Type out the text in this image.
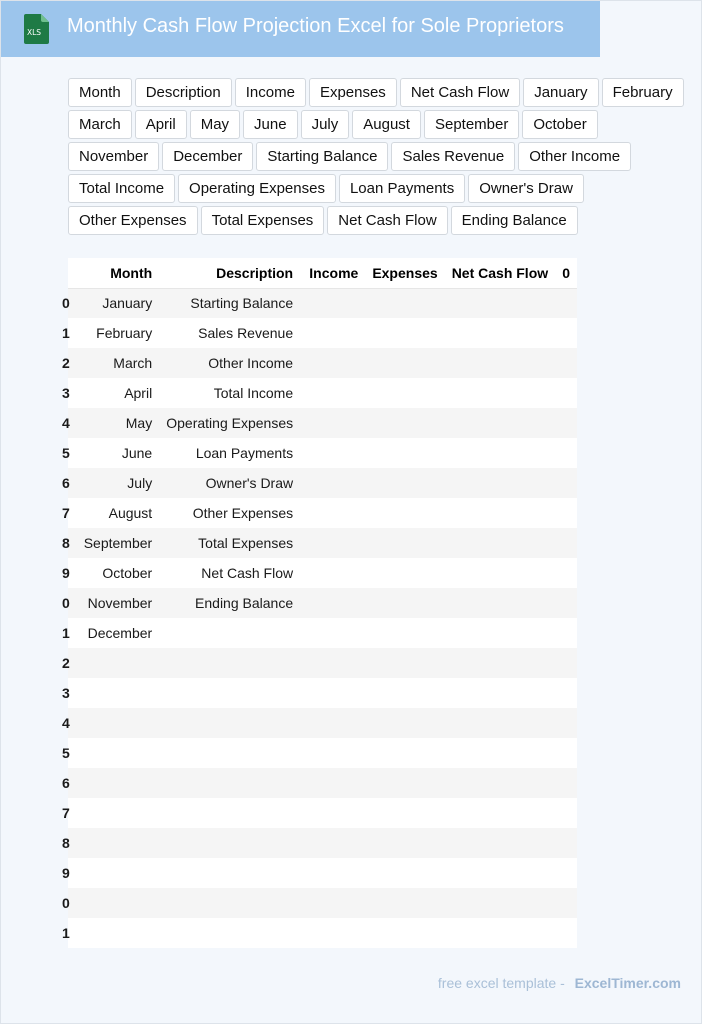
XLS Monthly Cash Flow Projection Excel for Sole Proprietors
Month	Description	Income	Expenses	Net Cash Flow	January	February
March	April	May	June	July	August	September	October
November	December	Starting Balance	Sales Revenue	Other Income
Total Income	Operating Expenses	Loan Payments	Owner's Draw
Other Expenses	Total Expenses	Net Cash Flow	Ending Balance
	Month	Description	Income	Expenses	Net Cash Flow	0
0	January	Starting Balance				
1	February	Sales Revenue				
2	March	Other Income				
3	April	Total Income				
4	May	Operating Expenses				
5	June	Loan Payments				
6	July	Owner's Draw				
7	August	Other Expenses				
8	September	Total Expenses				
9	October	Net Cash Flow				
0	November	Ending Balance				
1	December					
2						
3						
4						
5						
6						
7						
8						
9						
0						
1						
free excel template - ExcelTimer.com
